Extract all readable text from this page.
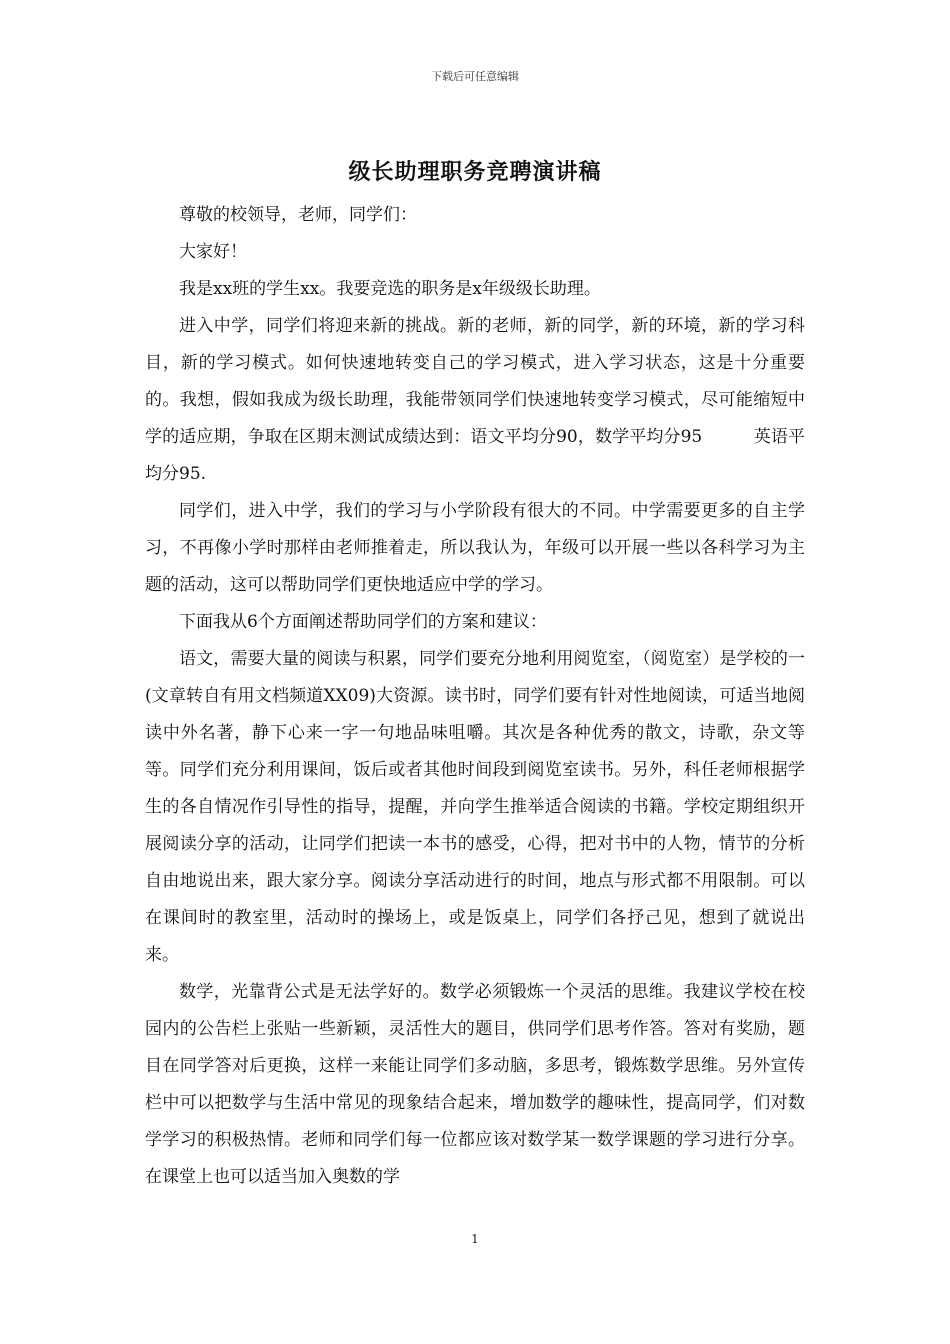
下载后可任意编辑
级长助理职务竞聘演讲稿

尊敬的校领导，老师，同学们：

大家好！

我是xx班的学生xx。我要竞选的职务是x年级级长助理。

进入中学，同学们将迎来新的挑战。新的老师，新的同学，新的环境，新的学习科目，新的学习模式。如何快速地转变自己的学习模式，进入学习状态，这是十分重要的。我想，假如我成为级长助理，我能带领同学们快速地转变学习模式，尽可能缩短中学的适应期，争取在区期末测试成绩达到：语文平均分90，数学平均分95　　　英语平均分95.

同学们，进入中学，我们的学习与小学阶段有很大的不同。中学需要更多的自主学习，不再像小学时那样由老师推着走，所以我认为，年级可以开展一些以各科学习为主题的活动，这可以帮助同学们更快地适应中学的学习。

下面我从6个方面阐述帮助同学们的方案和建议：

语文，需要大量的阅读与积累，同学们要充分地利用阅览室，（阅览室）是学校的一(文章转自有用文档频道XX09)大资源。读书时，同学们要有针对性地阅读，可适当地阅读中外名著，静下心来一字一句地品味咀嚼。其次是各种优秀的散文，诗歌，杂文等等。同学们充分利用课间，饭后或者其他时间段到阅览室读书。另外，科任老师根据学生的各自情况作引导性的指导，提醒，并向学生推举适合阅读的书籍。学校定期组织开展阅读分享的活动，让同学们把读一本书的感受，心得，把对书中的人物，情节的分析自由地说出来，跟大家分享。阅读分享活动进行的时间，地点与形式都不用限制。可以在课间时的教室里，活动时的操场上，或是饭桌上，同学们各抒己见，想到了就说出来。

数学，光靠背公式是无法学好的。数学必须锻炼一个灵活的思维。我建议学校在校园内的公告栏上张贴一些新颖，灵活性大的题目，供同学们思考作答。答对有奖励，题目在同学答对后更换，这样一来能让同学们多动脑，多思考，锻炼数学思维。另外宣传栏中可以把数学与生活中常见的现象结合起来，增加数学的趣味性，提高同学，们对数学学习的积极热情。老师和同学们每一位都应该对数学某一数学课题的学习进行分享。在课堂上也可以适当加入奥数的学

1
